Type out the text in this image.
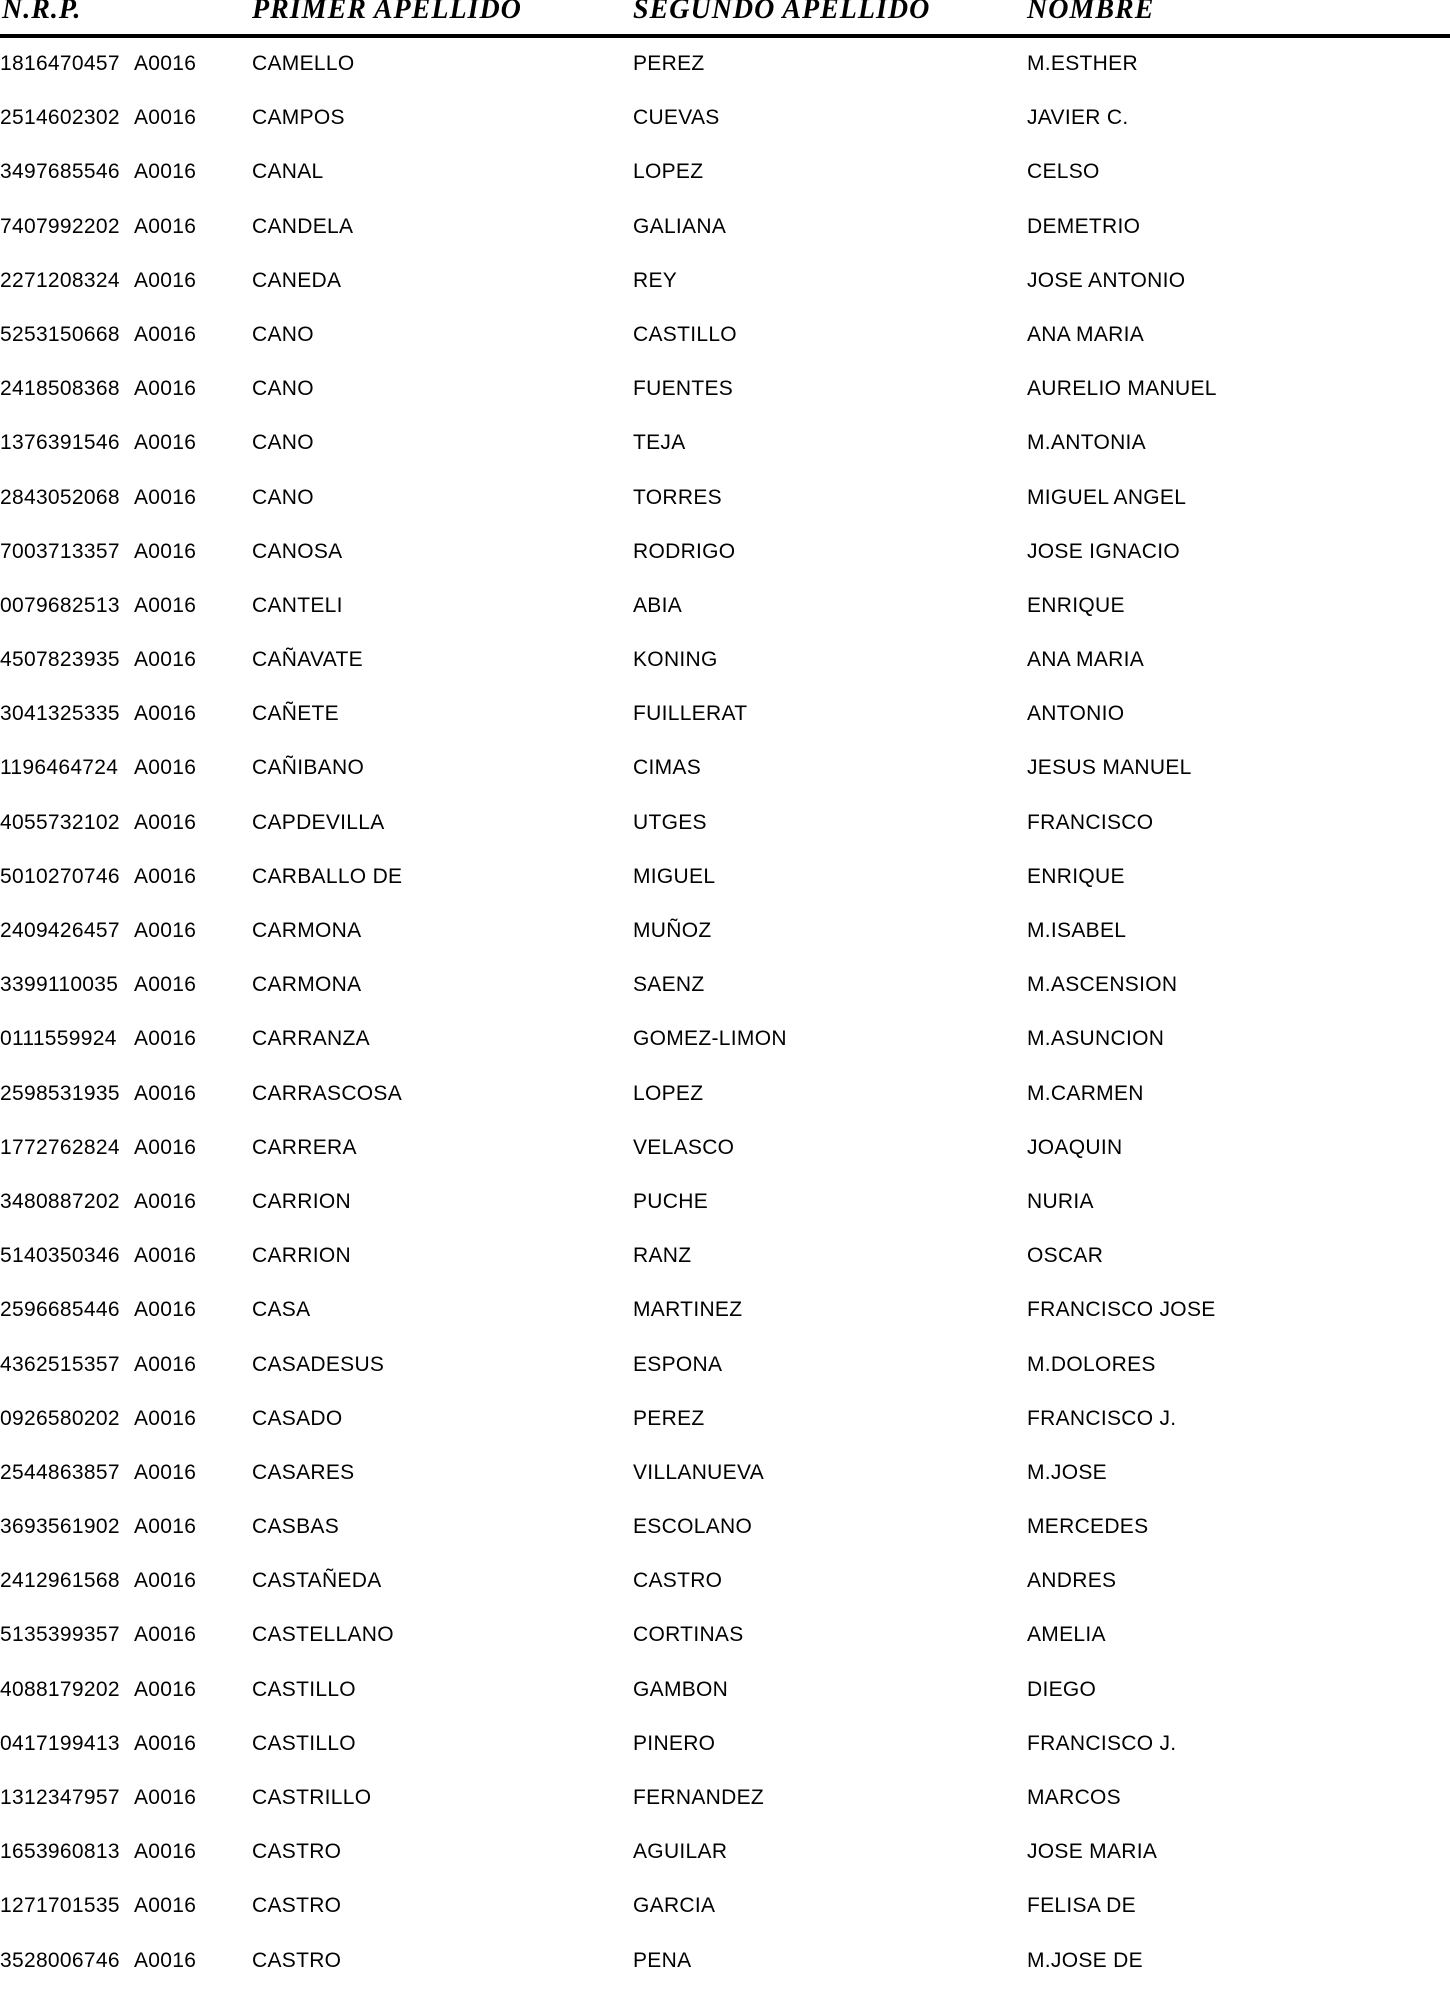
N.R.P.	PRIMER APELLIDO	SEGUNDO APELLIDO	NOMBRE
1816470457 A0016	CAMELLO	PEREZ	M.ESTHER
2514602302 A0016	CAMPOS	CUEVAS	JAVIER C.
3497685546 A0016	CANAL	LOPEZ	CELSO
7407992202 A0016	CANDELA	GALIANA	DEMETRIO
2271208324 A0016	CANEDA	REY	JOSE ANTONIO
5253150668 A0016	CANO	CASTILLO	ANA MARIA
2418508368 A0016	CANO	FUENTES	AURELIO MANUEL
1376391546 A0016	CANO	TEJA	M.ANTONIA
2843052068 A0016	CANO	TORRES	MIGUEL ANGEL
7003713357 A0016	CANOSA	RODRIGO	JOSE IGNACIO
0079682513 A0016	CANTELI	ABIA	ENRIQUE
4507823935 A0016	CAÑAVATE	KONING	ANA MARIA
3041325335 A0016	CAÑETE	FUILLERAT	ANTONIO
1196464724 A0016	CAÑIBANO	CIMAS	JESUS MANUEL
4055732102 A0016	CAPDEVILLA	UTGES	FRANCISCO
5010270746 A0016	CARBALLO DE	MIGUEL	ENRIQUE
2409426457 A0016	CARMONA	MUÑOZ	M.ISABEL
3399110035 A0016	CARMONA	SAENZ	M.ASCENSION
0111559924 A0016	CARRANZA	GOMEZ-LIMON	M.ASUNCION
2598531935 A0016	CARRASCOSA	LOPEZ	M.CARMEN
1772762824 A0016	CARRERA	VELASCO	JOAQUIN
3480887202 A0016	CARRION	PUCHE	NURIA
5140350346 A0016	CARRION	RANZ	OSCAR
2596685446 A0016	CASA	MARTINEZ	FRANCISCO JOSE
4362515357 A0016	CASADESUS	ESPONA	M.DOLORES
0926580202 A0016	CASADO	PEREZ	FRANCISCO J.
2544863857 A0016	CASARES	VILLANUEVA	M.JOSE
3693561902 A0016	CASBAS	ESCOLANO	MERCEDES
2412961568 A0016	CASTAÑEDA	CASTRO	ANDRES
5135399357 A0016	CASTELLANO	CORTINAS	AMELIA
4088179202 A0016	CASTILLO	GAMBON	DIEGO
0417199413 A0016	CASTILLO	PINERO	FRANCISCO J.
1312347957 A0016	CASTRILLO	FERNANDEZ	MARCOS
1653960813 A0016	CASTRO	AGUILAR	JOSE MARIA
1271701535 A0016	CASTRO	GARCIA	FELISA DE
3528006746 A0016	CASTRO	PENA	M.JOSE DE
